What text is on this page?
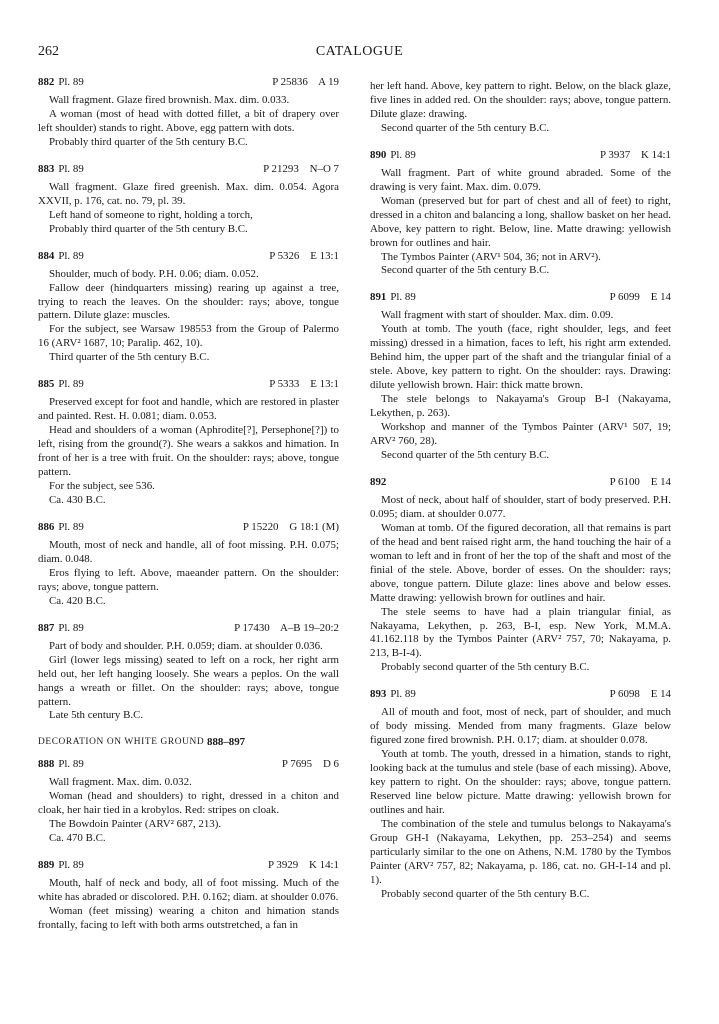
262	CATALOGUE
882 Pl. 89	P 25836    A 19

Wall fragment. Glaze fired brownish. Max. dim. 0.033.

A woman (most of head with dotted fillet, a bit of drapery over left shoulder) stands to right. Above, egg pattern with dots.

Probably third quarter of the 5th century B.C.

883 Pl. 89	P 21293    N–O 7

Wall fragment. Glaze fired greenish. Max. dim. 0.054. Agora XXVII, p. 176, cat. no. 79, pl. 39.

Left hand of someone to right, holding a torch,

Probably third quarter of the 5th century B.C.

884 Pl. 89	P 5326    E 13:1

Shoulder, much of body. P.H. 0.06; diam. 0.052.

Fallow deer (hindquarters missing) rearing up against a tree, trying to reach the leaves. On the shoulder: rays; above, tongue pattern. Dilute glaze: muscles.

For the subject, see Warsaw 198553 from the Group of Palermo 16 (ARV² 1687, 10; Paralip. 462, 10).

Third quarter of the 5th century B.C.

885 Pl. 89	P 5333    E 13:1

Preserved except for foot and handle, which are restored in plaster and painted. Rest. H. 0.081; diam. 0.053.

Head and shoulders of a woman (Aphrodite[?], Persephone[?]) to left, rising from the ground(?). She wears a sakkos and himation. In front of her is a tree with fruit. On the shoulder: rays; above, tongue pattern.

For the subject, see 536.

Ca. 430 B.C.

886 Pl. 89	P 15220    G 18:1 (M)

Mouth, most of neck and handle, all of foot missing. P.H. 0.075; diam. 0.048.

Eros flying to left. Above, maeander pattern. On the shoulder: rays; above, tongue pattern.

Ca. 420 B.C.

887 Pl. 89	P 17430    A–B 19–20:2

Part of body and shoulder. P.H. 0.059; diam. at shoulder 0.036.

Girl (lower legs missing) seated to left on a rock, her right arm held out, her left hanging loosely. She wears a peplos. On the wall hangs a wreath or fillet. On the shoulder: rays; above, tongue pattern.

Late 5th century B.C.

DECORATION ON WHITE GROUND 888–897
888 Pl. 89	P 7695    D 6

Wall fragment. Max. dim. 0.032.

Woman (head and shoulders) to right, dressed in a chiton and cloak, her hair tied in a krobylos. Red: stripes on cloak.

The Bowdoin Painter (ARV² 687, 213).

Ca. 470 B.C.

889 Pl. 89	P 3929    K 14:1

Mouth, half of neck and body, all of foot missing. Much of the white has abraded or discolored. P.H. 0.162; diam. at shoulder 0.076.

Woman (feet missing) wearing a chiton and himation stands frontally, facing to left with both arms outstretched, a fan in

her left hand. Above, key pattern to right. Below, on the black glaze, five lines in added red. On the shoulder: rays; above, tongue pattern. Dilute glaze: drawing.

Second quarter of the 5th century B.C.

890 Pl. 89	P 3937    K 14:1

Wall fragment. Part of white ground abraded. Some of the drawing is very faint. Max. dim. 0.079.

Woman (preserved but for part of chest and all of feet) to right, dressed in a chiton and balancing a long, shallow basket on her head. Above, key pattern to right. Below, line. Matte drawing: yellowish brown for outlines and hair.

The Tymbos Painter (ARV¹ 504, 36; not in ARV²).

Second quarter of the 5th century B.C.

891 Pl. 89	P 6099    E 14

Wall fragment with start of shoulder. Max. dim. 0.09.

Youth at tomb. The youth (face, right shoulder, legs, and feet missing) dressed in a himation, faces to left, his right arm extended. Behind him, the upper part of the shaft and the triangular finial of a stele. Above, key pattern to right. On the shoulder: rays. Drawing: dilute yellowish brown. Hair: thick matte brown.

The stele belongs to Nakayama's Group B-I (Nakayama, Lekythen, p. 263).

Workshop and manner of the Tymbos Painter (ARV¹ 507, 19; ARV² 760, 28).

Second quarter of the 5th century B.C.

892	P 6100    E 14

Most of neck, about half of shoulder, start of body preserved. P.H. 0.095; diam. at shoulder 0.077.

Woman at tomb. Of the figured decoration, all that remains is part of the head and bent raised right arm, the hand touching the hair of a woman to left and in front of her the top of the shaft and most of the finial of the stele. Above, border of esses. On the shoulder: rays; above, tongue pattern. Dilute glaze: lines above and below esses. Matte drawing: yellowish brown for outlines and hair.

The stele seems to have had a plain triangular finial, as Nakayama, Lekythen, p. 263, B-I, esp. New York, M.M.A. 41.162.118 by the Tymbos Painter (ARV² 757, 70; Nakayama, p. 213, B-I-4).

Probably second quarter of the 5th century B.C.

893 Pl. 89	P 6098    E 14

All of mouth and foot, most of neck, part of shoulder, and much of body missing. Mended from many fragments. Glaze below figured zone fired brownish. P.H. 0.17; diam. at shoulder 0.078.

Youth at tomb. The youth, dressed in a himation, stands to right, looking back at the tumulus and stele (base of each missing). Above, key pattern to right. On the shoulder: rays; above, tongue pattern. Reserved line below picture. Matte drawing: yellowish brown for outlines and hair.

The combination of the stele and tumulus belongs to Nakayama's Group GH-I (Nakayama, Lekythen, pp. 253–254) and seems particularly similar to the one on Athens, N.M. 1780 by the Tymbos Painter (ARV² 757, 82; Nakayama, p. 186, cat. no. GH-I-14 and pl. 1).

Probably second quarter of the 5th century B.C.
